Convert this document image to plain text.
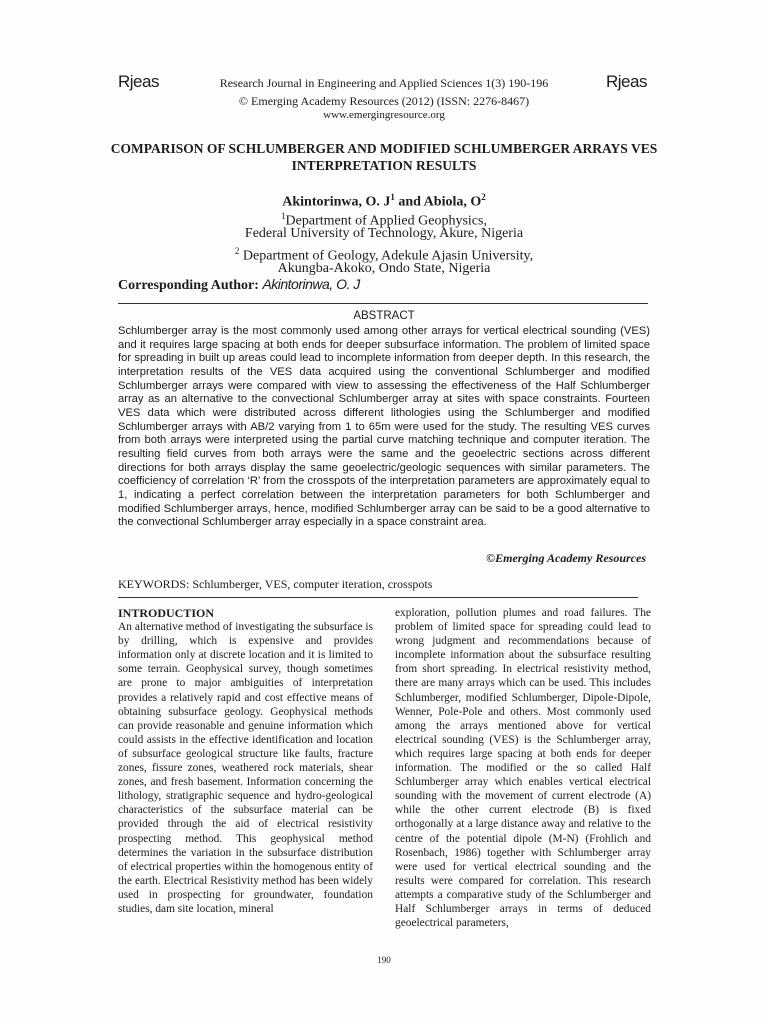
Rjeas	Rjeas
Research Journal in Engineering and Applied Sciences 1(3) 190-196
© Emerging Academy Resources (2012) (ISSN: 2276-8467)
www.emergingresource.org
COMPARISON OF SCHLUMBERGER AND MODIFIED SCHLUMBERGER ARRAYS VES INTERPRETATION RESULTS
Akintorinwa, O. $J^1$ and Abiola, $O^2$
$^1$Department of Applied Geophysics,
Federal University of Technology, Akure, Nigeria
$^2$ Department of Geology, Adekule Ajasin University,
Akungba-Akoko, Ondo State, Nigeria
Corresponding Author: Akintorinwa, O. J
ABSTRACT
Schlumberger array is the most commonly used among other arrays for vertical electrical sounding (VES) and it requires large spacing at both ends for deeper subsurface information. The problem of limited space for spreading in built up areas could lead to incomplete information from deeper depth. In this research, the interpretation results of the VES data acquired using the conventional Schlumberger and modified Schlumberger arrays were compared with view to assessing the effectiveness of the Half Schlumberger array as an alternative to the convectional Schlumberger array at sites with space constraints. Fourteen VES data which were distributed across different lithologies using the Schlumberger and modified Schlumberger arrays with AB/2 varying from 1 to 65m were used for the study. The resulting VES curves from both arrays were interpreted using the partial curve matching technique and computer iteration. The resulting field curves from both arrays were the same and the geoelectric sections across different directions for both arrays display the same geoelectric/geologic sequences with similar parameters. The coefficiency of correlation ‘R’ from the crosspots of the interpretation parameters are approximately equal to 1, indicating a perfect correlation between the interpretation parameters for both Schlumberger and modified Schlumberger arrays, hence, modified Schlumberger array can be said to be a good alternative to the convectional Schlumberger array especially in a space constraint area.
©Emerging Academy Resources
KEYWORDS: Schlumberger, VES, computer iteration, crosspots

INTRODUCTION

An alternative method of investigating the subsurface is by drilling, which is expensive and provides information only at discrete location and it is limited to some terrain. Geophysical survey, though sometimes are prone to major ambiguities of interpretation provides a relatively rapid and cost effective means of obtaining subsurface geology. Geophysical methods can provide reasonable and genuine information which could assists in the effective identification and location of subsurface geological structure like faults, fracture zones, fissure zones, weathered rock materials, shear zones, and fresh basement. Information concerning the lithology, stratigraphic sequence and hydro-geological characteristics of the subsurface material can be provided through the aid of electrical resistivity prospecting method. This geophysical method determines the variation in the subsurface distribution of electrical properties within the homogenous entity of the earth. Electrical Resistivity method has been widely used in prospecting for groundwater, foundation studies, dam site location, mineral

exploration, pollution plumes and road failures. The problem of limited space for spreading could lead to wrong judgment and recommendations because of incomplete information about the subsurface resulting from short spreading. In electrical resistivity method, there are many arrays which can be used. This includes Schlumberger, modified Schlumberger, Dipole-Dipole, Wenner, Pole-Pole and others. Most commonly used among the arrays mentioned above for vertical electrical sounding (VES) is the Schlumberger array, which requires large spacing at both ends for deeper information. The modified or the so called Half Schlumberger array which enables vertical electrical sounding with the movement of current electrode (A) while the other current electrode (B) is fixed orthogonally at a large distance away and relative to the centre of the potential dipole (M-N) (Frohlich and Rosenbach, 1986) together with Schlumberger array were used for vertical electrical sounding and the results were compared for correlation. This research attempts a comparative study of the Schlumberger and Half Schlumberger arrays in terms of deduced geoelectrical parameters,

190
